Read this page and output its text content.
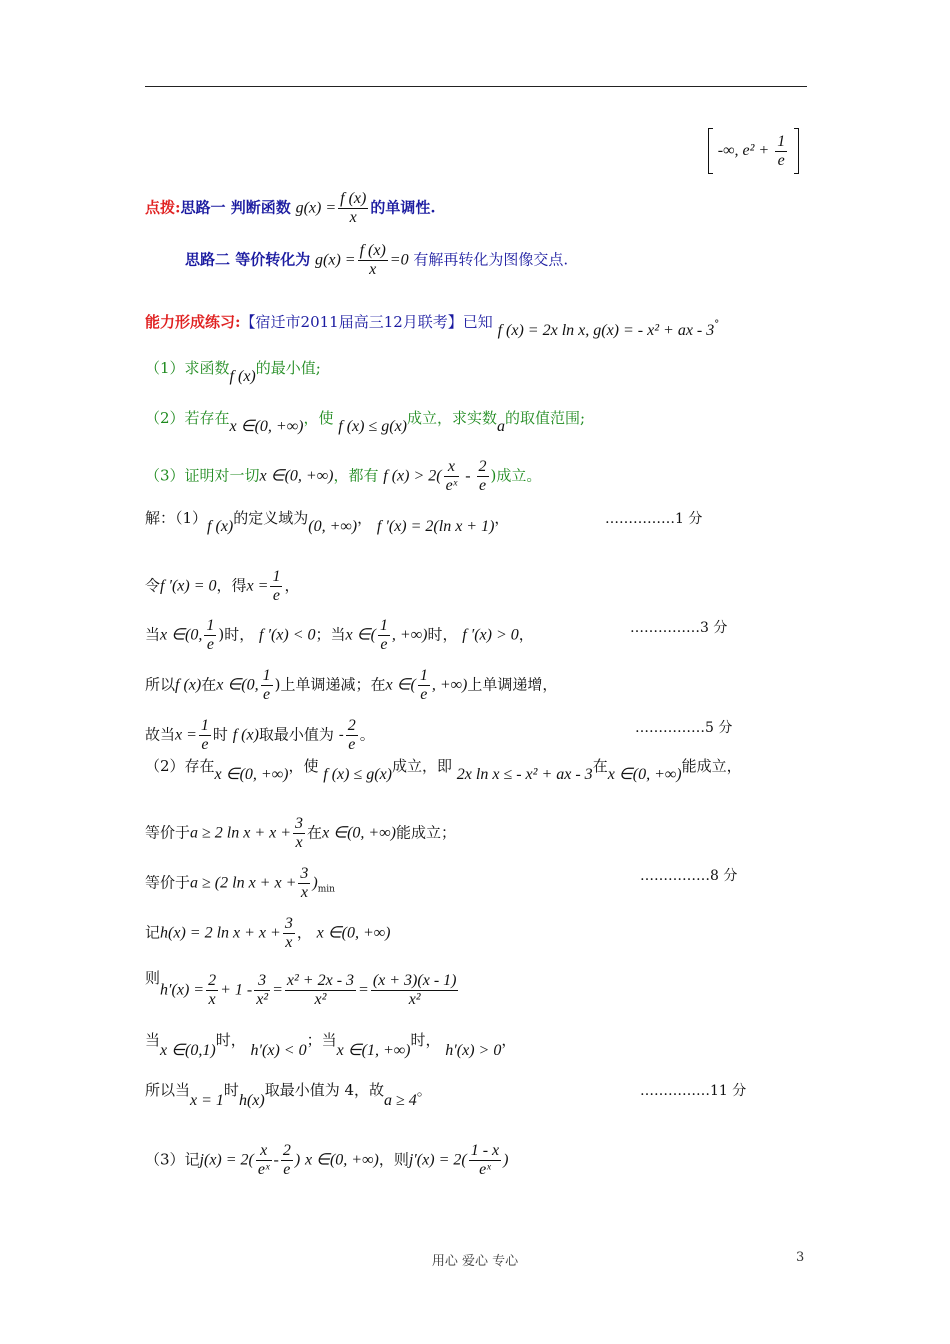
-∞, $e^2 + \frac{1}{e}$

点拨:思路一 判断函数 $g(x) = \frac{f (x)}{x}$ 的单调性.
思路二 等价转化为 $g(x) = \frac{f (x)}{x} =0$ 有解再转化为图像交点.
能力形成练习:【宿迁市2011届高三12月联考】已知 f (x) = 2x ln x, g(x) = - x² + ax - 3°
（1）求函数f (x)的最小值;
（2）若存在x ∈(0, +∞)，使 f (x) ≤ g(x)成立，求实数a的取值范围;
（3）证明对一切x ∈(0, +∞)，都有 f $(x) > 2( \frac{x}{\text{eˣ}} - \frac{2}{e}$ )成立。
解：（1）f (x)的定义域为(0, +∞)， f ′(x) = 2(ln x + 1)，	……………1 分
令f ′(x) = 0，得$x = \frac{1}{e}$ ，
当x ∈(0, $\frac{1}{e}$ )时， f ′(x) < 0；当x ∈( $\frac{1}{e}$ , +∞)时， f ′(x) > 0，	……………3 分
所以f (x)在x ∈(0, $\frac{1}{e}$ )上单调递减；在x ∈( $\frac{1}{e}$ , +∞)上单调递增，
故当$x = \frac{1}{e}$ 时 f (x)取最小值为 - $\frac{2}{e}$ 。	……………5 分
（2）存在x ∈(0, +∞)，使 f (x) ≤ g(x)成立，即 2x ln x ≤ - x² + ax - 3在x ∈(0, +∞)能成立，
等价于a ≥ 2 $\ln x + x + \frac{3}{x}$ 在x ∈(0, +∞)能成立；
等价于a ≥ (2 $\ln x + x + \frac{3}{x} )_{min}$
……………8 分
记h(x) = 2 $\ln x + x + \frac{3}{x}$ ， x ∈(0, +∞)
则$h'(x) = \frac{2}{x} + 1 - \frac{3}{\text{x²}} = \frac{\text{x² + 2x - 3}}{\text{x²}} = \frac{(x + 3)(x - 1)}{\text{x²}}$
当x ∈(0,1)时， h′(x) < 0；当x ∈(1, +∞)时， h′(x) > 0，
所以当x = 1时h(x)取最小值为 4，故a ≥ 4。	……………11 分
（3）记$j(x) = 2( \frac{x}{\text{eˣ}} - \frac{2}{e}$ ) x ∈(0, +∞)，则$j'(x) = 2( \frac{1 - x}{\text{eˣ}}$ )
用心 爱心 专心	3
